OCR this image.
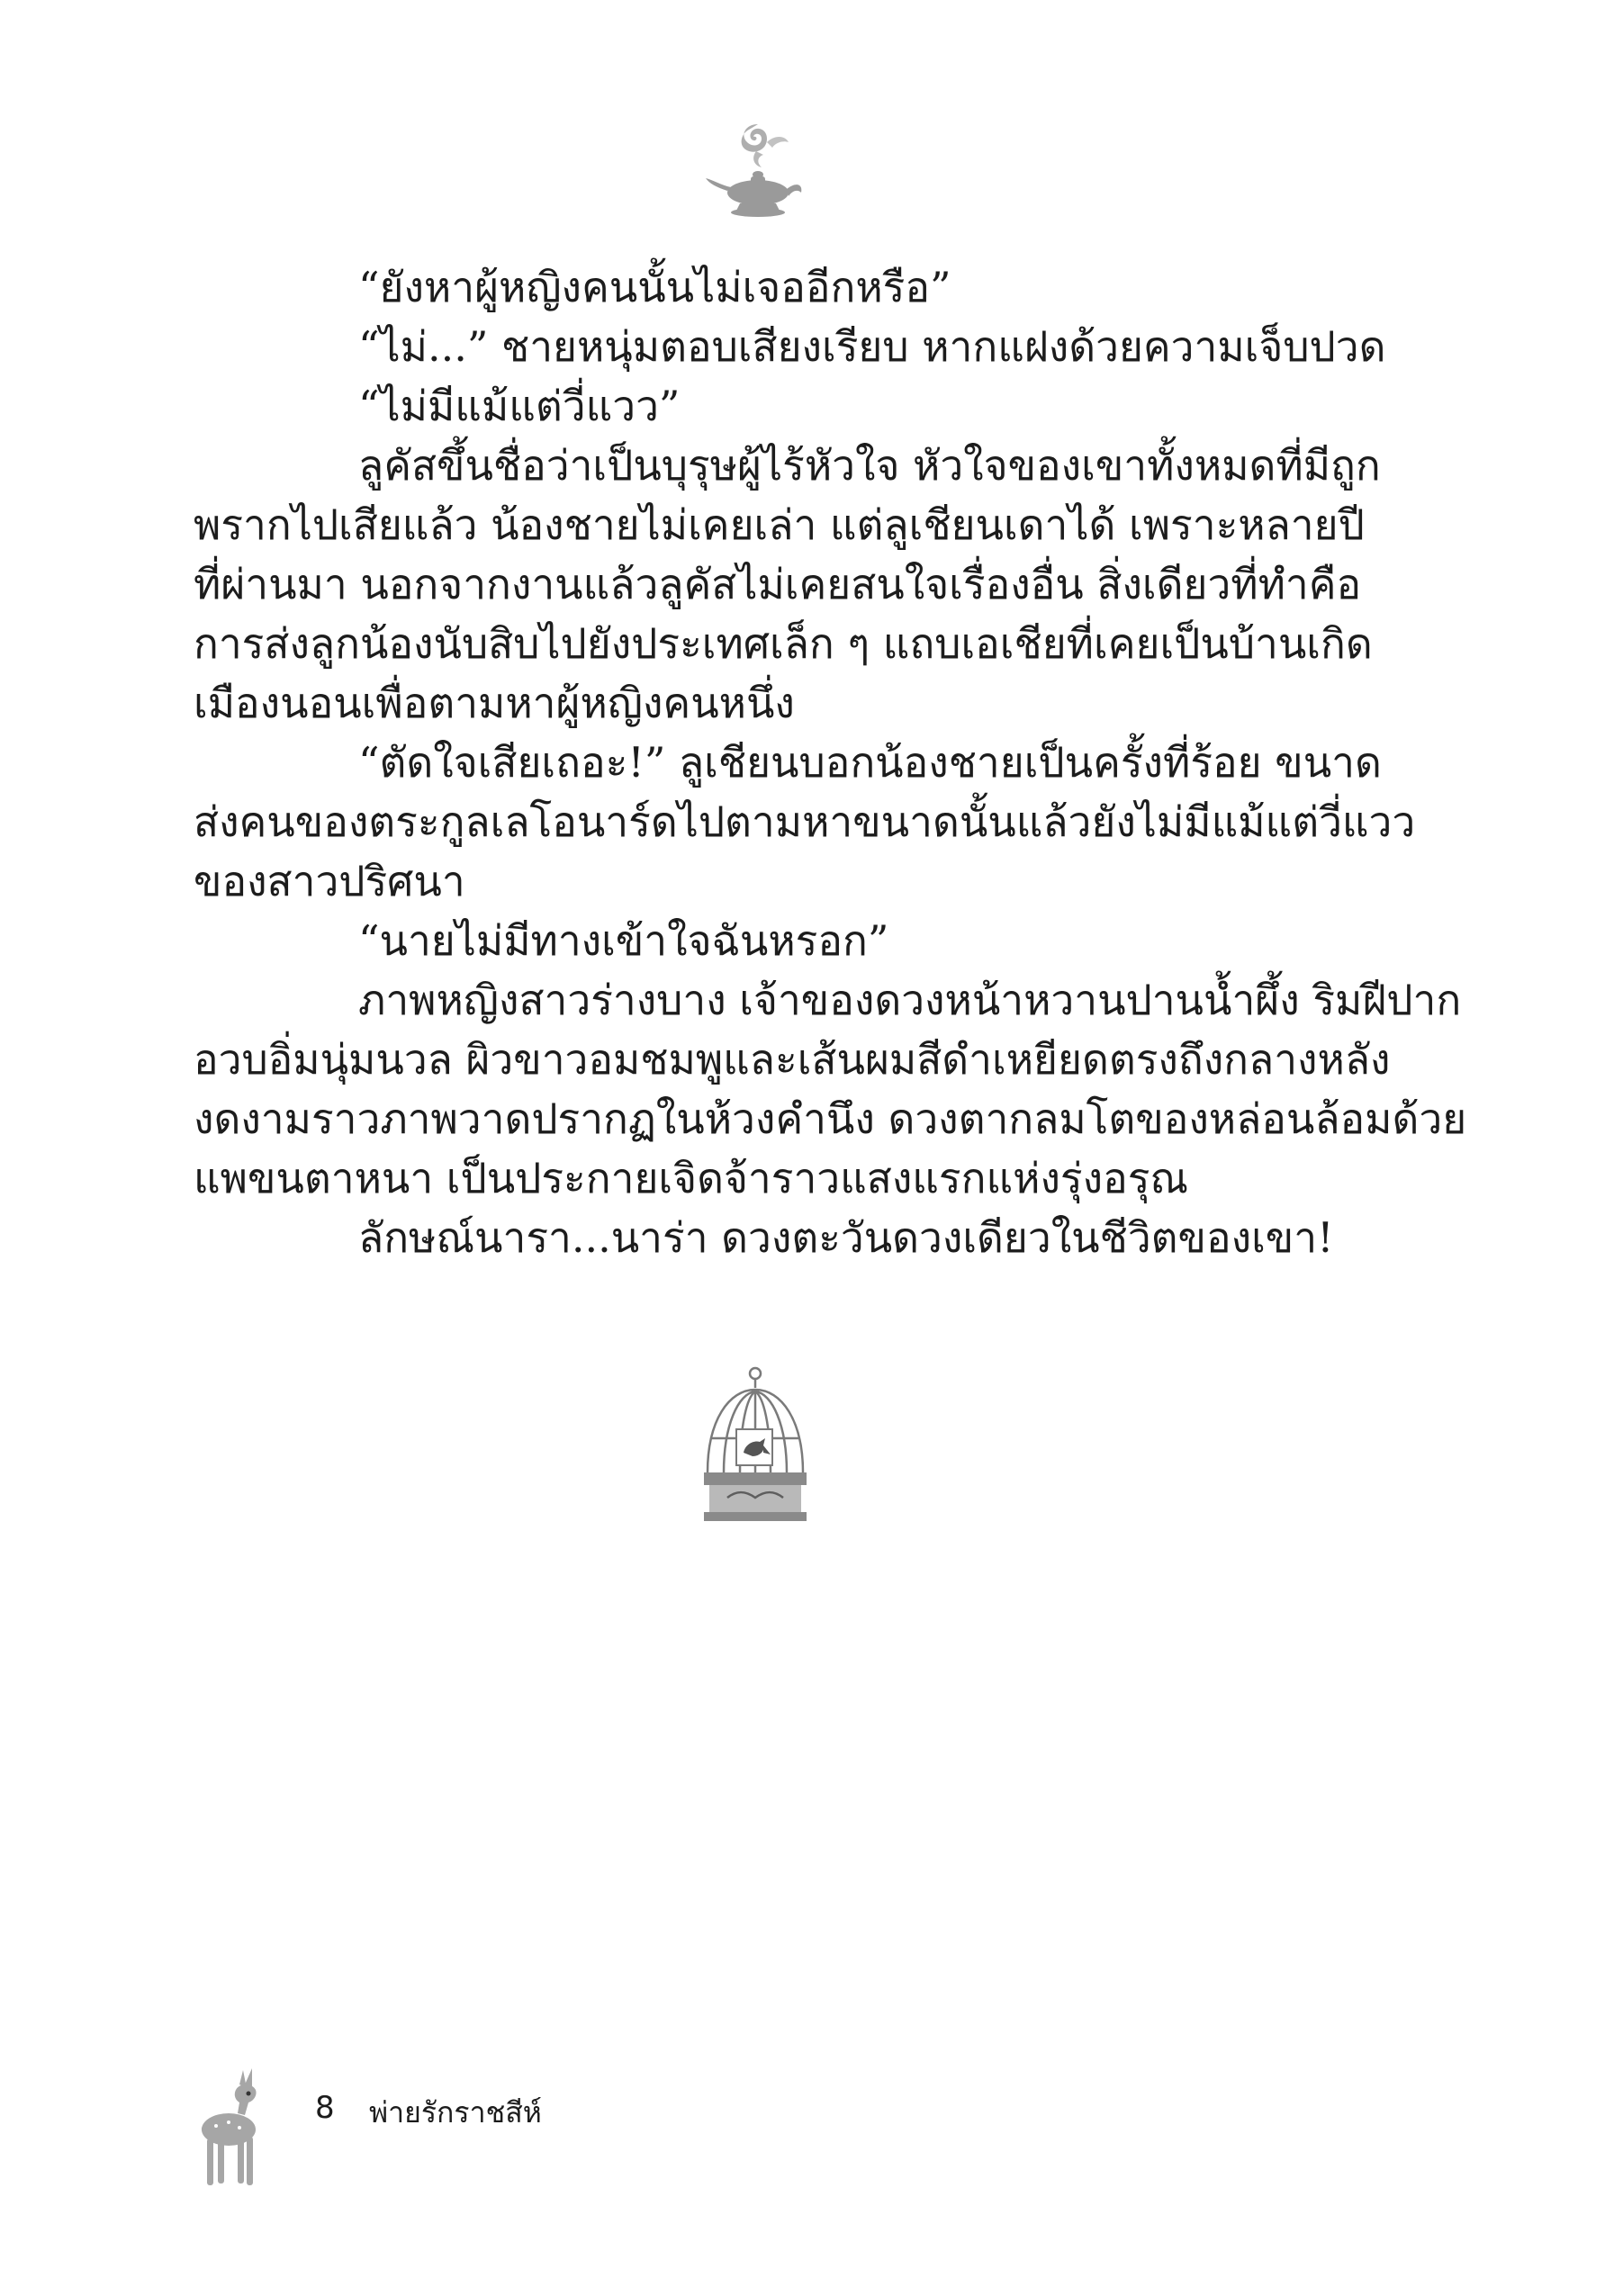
“ยังหาผู้หญิงคนนั้นไม่เจออีกหรือ”
“ไม่...” ชายหนุ่มตอบเสียงเรียบ หากแฝงด้วยความเจ็บปวด
“ไม่มีแม้แต่วี่แวว”
ลูคัสขึ้นชื่อว่าเป็นบุรุษผู้ไร้หัวใจ หัวใจของเขาทั้งหมดที่มีถูก
พรากไปเสียแล้ว น้องชายไม่เคยเล่า แต่ลูเชียนเดาได้ เพราะหลายปี
ที่ผ่านมา นอกจากงานแล้วลูคัสไม่เคยสนใจเรื่องอื่น สิ่งเดียวที่ทำคือ
การส่งลูกน้องนับสิบไปยังประเทศเล็ก ๆ แถบเอเชียที่เคยเป็นบ้านเกิด
เมืองนอนเพื่อตามหาผู้หญิงคนหนึ่ง
“ตัดใจเสียเถอะ!” ลูเชียนบอกน้องชายเป็นครั้งที่ร้อย ขนาด
ส่งคนของตระกูลเลโอนาร์ดไปตามหาขนาดนั้นแล้วยังไม่มีแม้แต่วี่แวว
ของสาวปริศนา
“นายไม่มีทางเข้าใจฉันหรอก”
ภาพหญิงสาวร่างบาง เจ้าของดวงหน้าหวานปานน้ำผึ้ง ริมฝีปาก
อวบอิ่มนุ่มนวล ผิวขาวอมชมพูและเส้นผมสีดำเหยียดตรงถึงกลางหลัง
งดงามราวภาพวาดปรากฏในห้วงคำนึง ดวงตากลมโตของหล่อนล้อมด้วย
แพขนตาหนา เป็นประกายเจิดจ้าราวแสงแรกแห่งรุ่งอรุณ
ลักษณ์นารา...นาร่า ดวงตะวันดวงเดียวในชีวิตของเขา!
8 พ่ายรักราชสีห์
